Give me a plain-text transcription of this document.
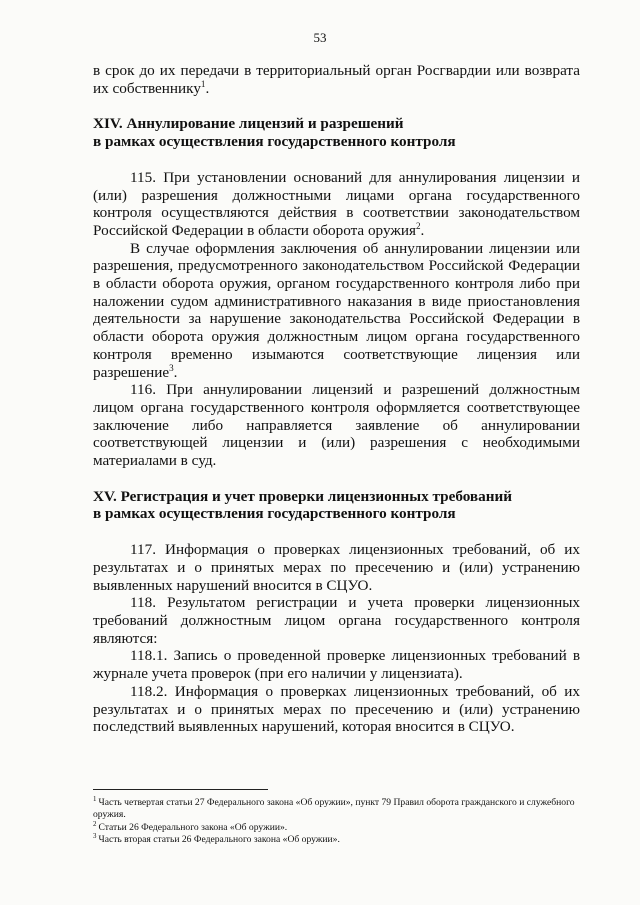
53

в срок до их передачи в территориальный орган Росгвардии или возврата их собственнику$^1$.

XIV. Аннулирование лицензий и разрешений

в рамках осуществления государственного контроля

115. При установлении оснований для аннулирования лицензии и (или) разрешения должностными лицами органа государственного контроля осуществляются действия в соответствии законодательством Российской Федерации в области оборота оружия$^2$.

В случае оформления заключения об аннулировании лицензии или разрешения, предусмотренного законодательством Российской Федерации в области оборота оружия, органом государственного контроля либо при наложении судом административного наказания в виде приостановления деятельности за нарушение законодательства Российской Федерации в области оборота оружия должностным лицом органа государственного контроля временно изымаются соответствующие лицензия или разрешение$^3$.

116. При аннулировании лицензий и разрешений должностным лицом органа государственного контроля оформляется соответствующее заключение либо направляется заявление об аннулировании соответствующей лицензии и (или) разрешения с необходимыми материалами в суд.

XV. Регистрация и учет проверки лицензионных требований

в рамках осуществления государственного контроля

117. Информация о проверках лицензионных требований, об их результатах и о принятых мерах по пресечению и (или) устранению выявленных нарушений вносится в СЦУО.

118. Результатом регистрации и учета проверки лицензионных требований должностным лицом органа государственного контроля являются:

118.1. Запись о проведенной проверке лицензионных требований в журнале учета проверок (при его наличии у лицензиата).

118.2. Информация о проверках лицензионных требований, об их результатах и о принятых мерах по пресечению и (или) устранению последствий выявленных нарушений, которая вносится в СЦУО.

$^1$ Часть четвертая статьи 27 Федерального закона «Об оружии», пункт 79 Правил оборота гражданского и служебного оружия.

$^2$ Статьи 26 Федерального закона «Об оружии».

$^3$ Часть вторая статьи 26 Федерального закона «Об оружии».
